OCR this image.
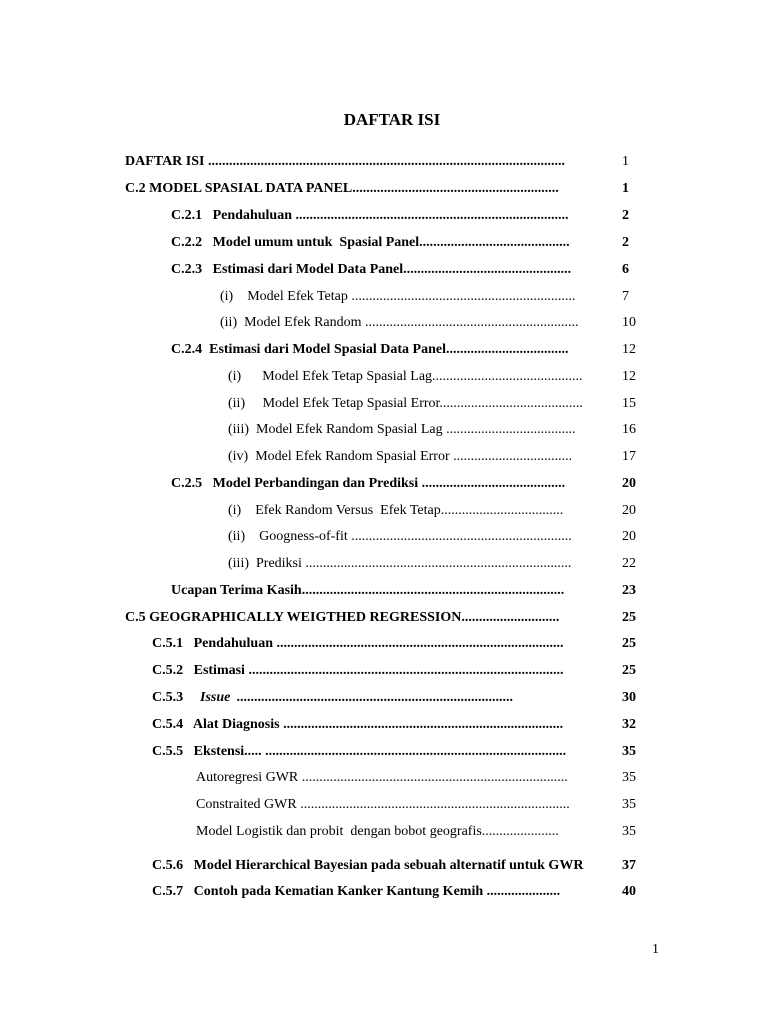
DAFTAR ISI
DAFTAR ISI ......................................................................................................	1
C.2 MODEL SPASIAL DATA PANEL...........................................................	1
C.2.1   Pendahuluan ..............................................................................	2
C.2.2   Model umum untuk  Spasial Panel...........................................	2
C.2.3   Estimasi dari Model Data Panel................................................	6
(i)    Model Efek Tetap ................................................................	7
(ii)  Model Efek Random .............................................................	10
C.2.4  Estimasi dari Model Spasial Data Panel...................................	12
(i)      Model Efek Tetap Spasial Lag...........................................	12
(ii)     Model Efek Tetap Spasial Error.........................................	15
(iii)  Model Efek Random Spasial Lag .....................................	16
(iv)  Model Efek Random Spasial Error ..................................	17
C.2.5   Model Perbandingan dan Prediksi .........................................	20
(i)    Efek Random Versus  Efek Tetap...................................	20
(ii)    Googness-of-fit ...............................................................	20
(iii)  Prediksi ............................................................................	22
Ucapan Terima Kasih...........................................................................	23
C.5 GEOGRAPHICALLY WEIGTHED REGRESSION............................	25
C.5.1   Pendahuluan ..................................................................................	25
C.5.2   Estimasi ..........................................................................................	25
C.5.3 Issue ...............................................................................	30
C.5.4   Alat Diagnosis ................................................................................	32
C.5.5   Ekstensi..... ......................................................................................	35
Autoregresi GWR ............................................................................	35
Constraited GWR .............................................................................	35
Model Logistik dan probit  dengan bobot geografis......................	35
C.5.6   Model Hierarchical Bayesian pada sebuah alternatif untuk GWR	37
C.5.7   Contoh pada Kematian Kanker Kantung Kemih .....................	40
1
